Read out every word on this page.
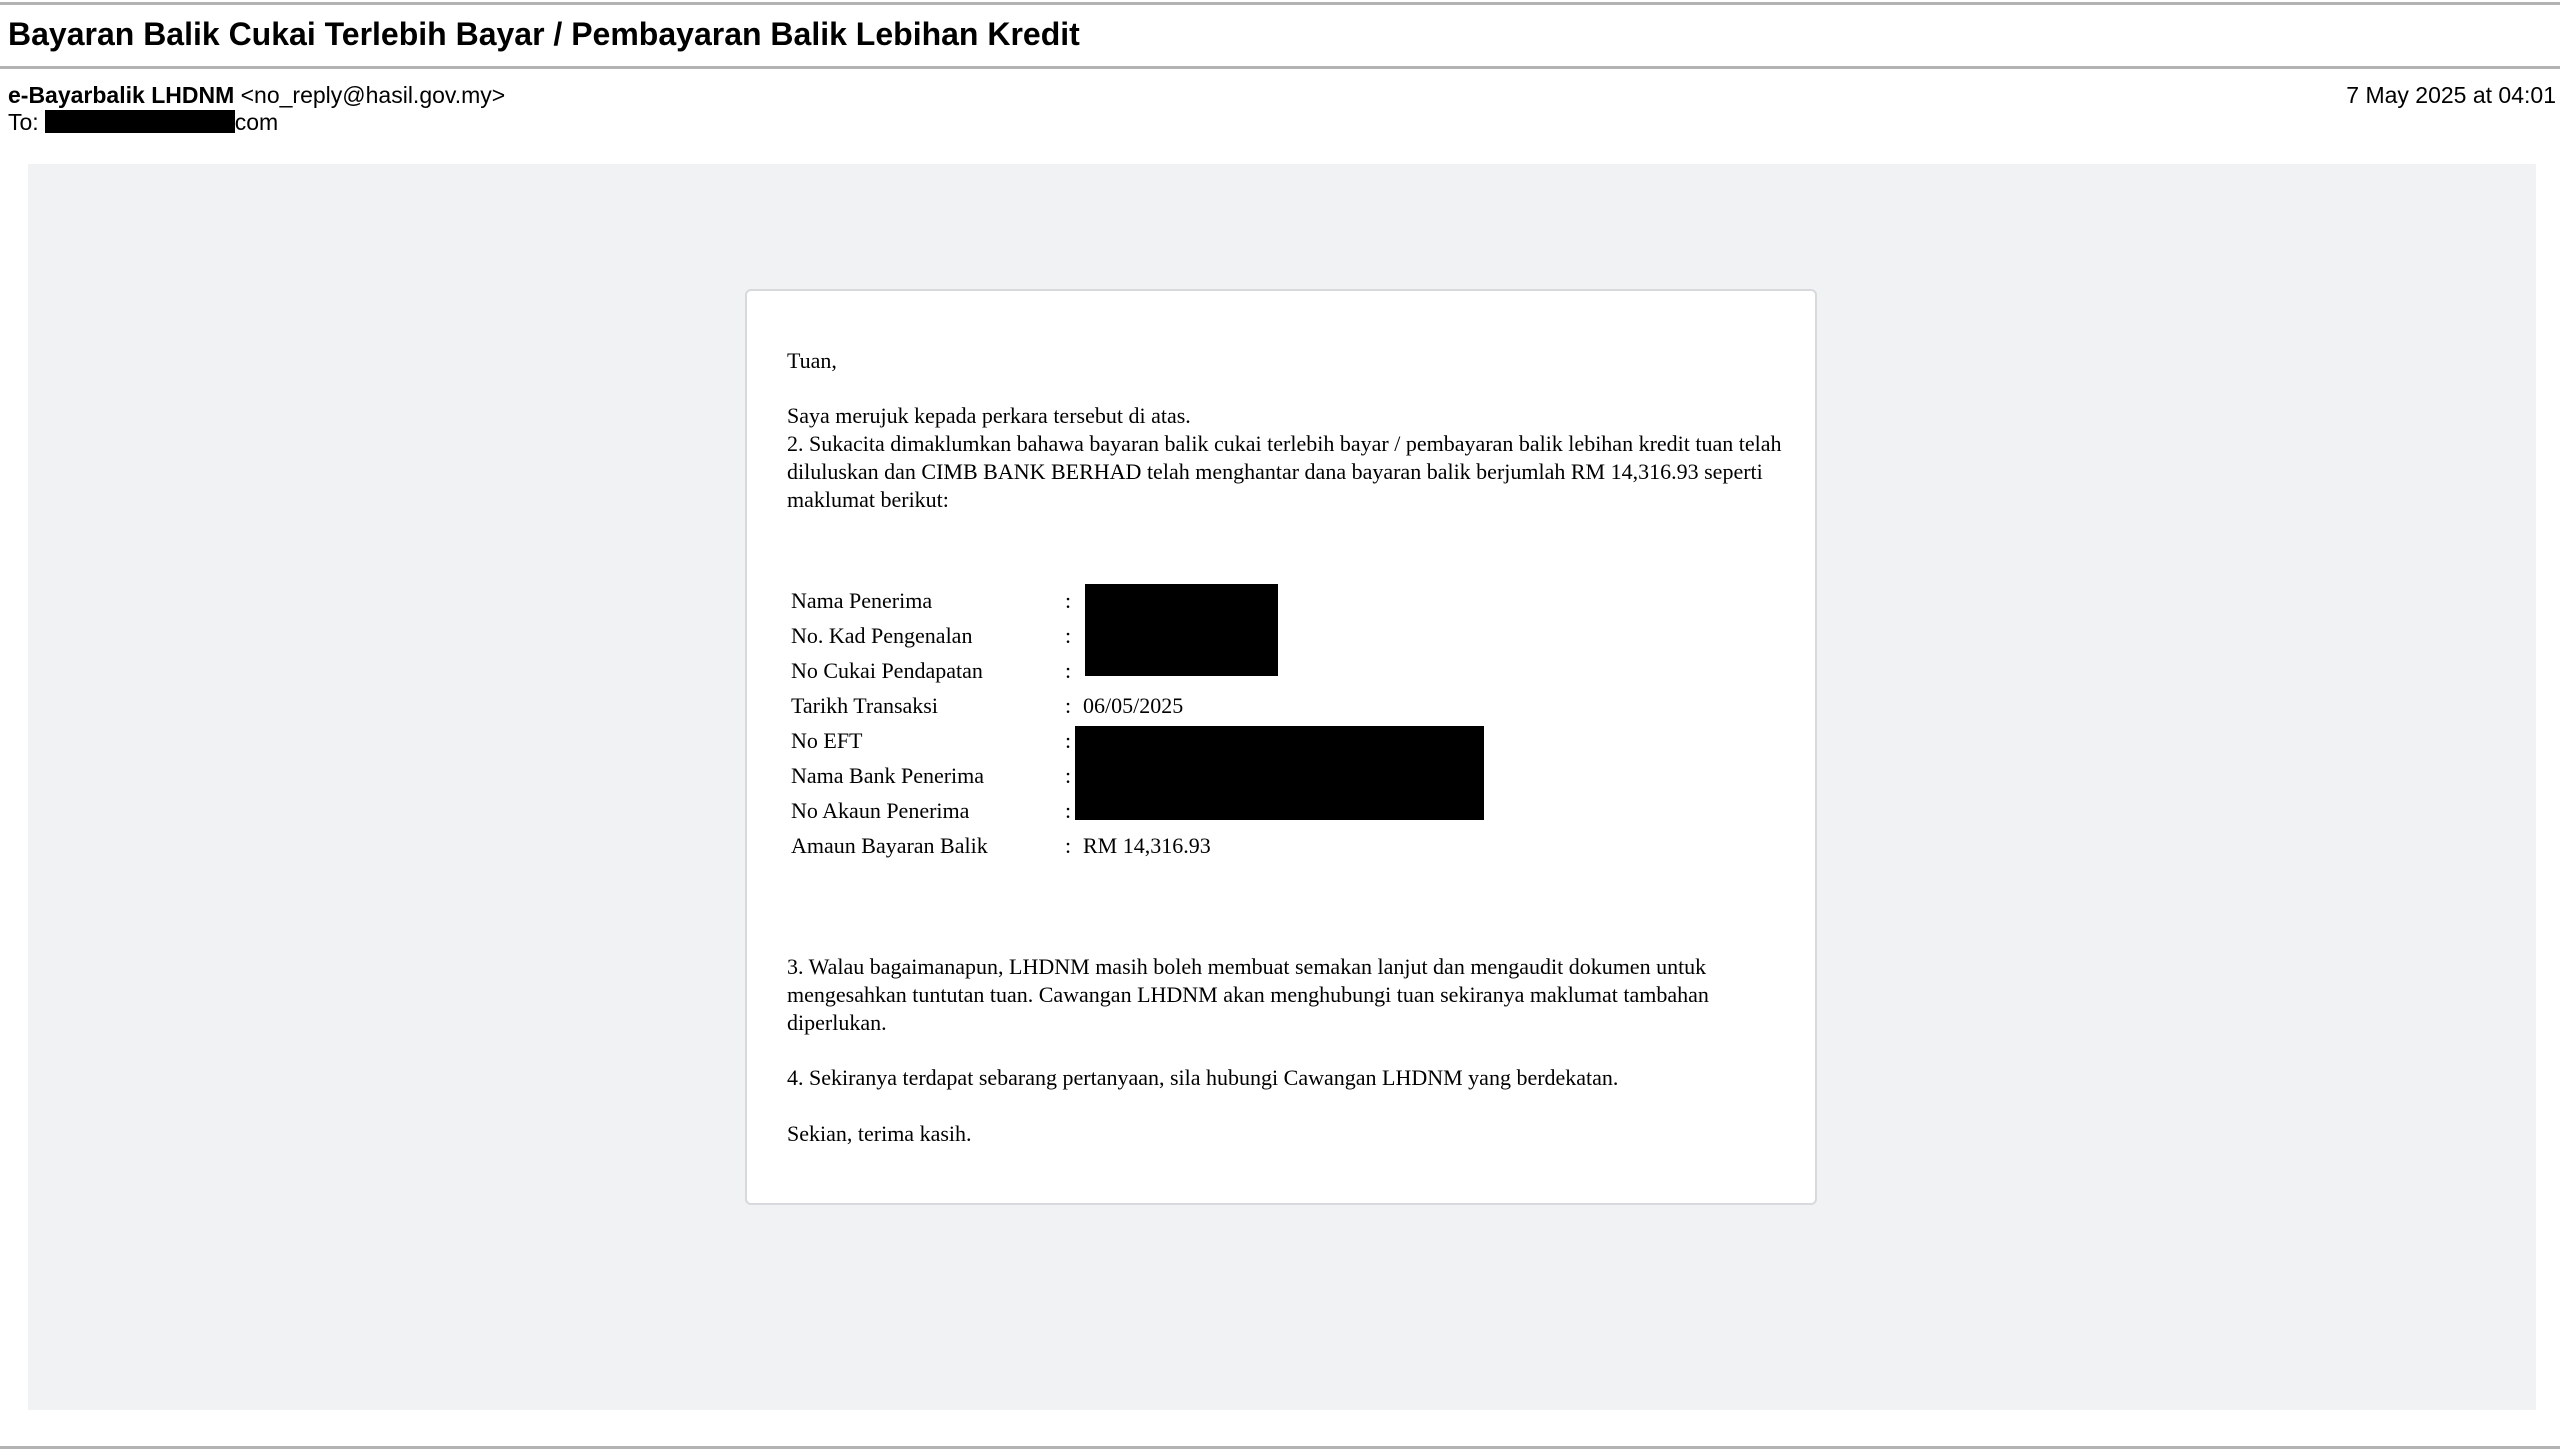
Bayaran Balik Cukai Terlebih Bayar / Pembayaran Balik Lebihan Kredit
e-Bayarbalik LHDNM <no_reply@hasil.gov.my>	7 May 2025 at 04:01
To:	com

Tuan,

Saya merujuk kepada perkara tersebut di atas.
2. Sukacita dimaklumkan bahawa bayaran balik cukai terlebih bayar / pembayaran balik lebihan kredit tuan telah diluluskan dan CIMB BANK BERHAD telah menghantar dana bayaran balik berjumlah RM 14,316.93 seperti maklumat berikut:
Nama Penerima	:
No. Kad Pengenalan	:
No Cukai Pendapatan	:
Tarikh Transaksi	: 06/05/2025
No EFT	:
Nama Bank Penerima	:
No Akaun Penerima	:
Amaun Bayaran Balik	: RM 14,316.93

3. Walau bagaimanapun, LHDNM masih boleh membuat semakan lanjut dan mengaudit dokumen untuk mengesahkan tuntutan tuan. Cawangan LHDNM akan menghubungi tuan sekiranya maklumat tambahan diperlukan.

4. Sekiranya terdapat sebarang pertanyaan, sila hubungi Cawangan LHDNM yang berdekatan.

Sekian, terima kasih.
